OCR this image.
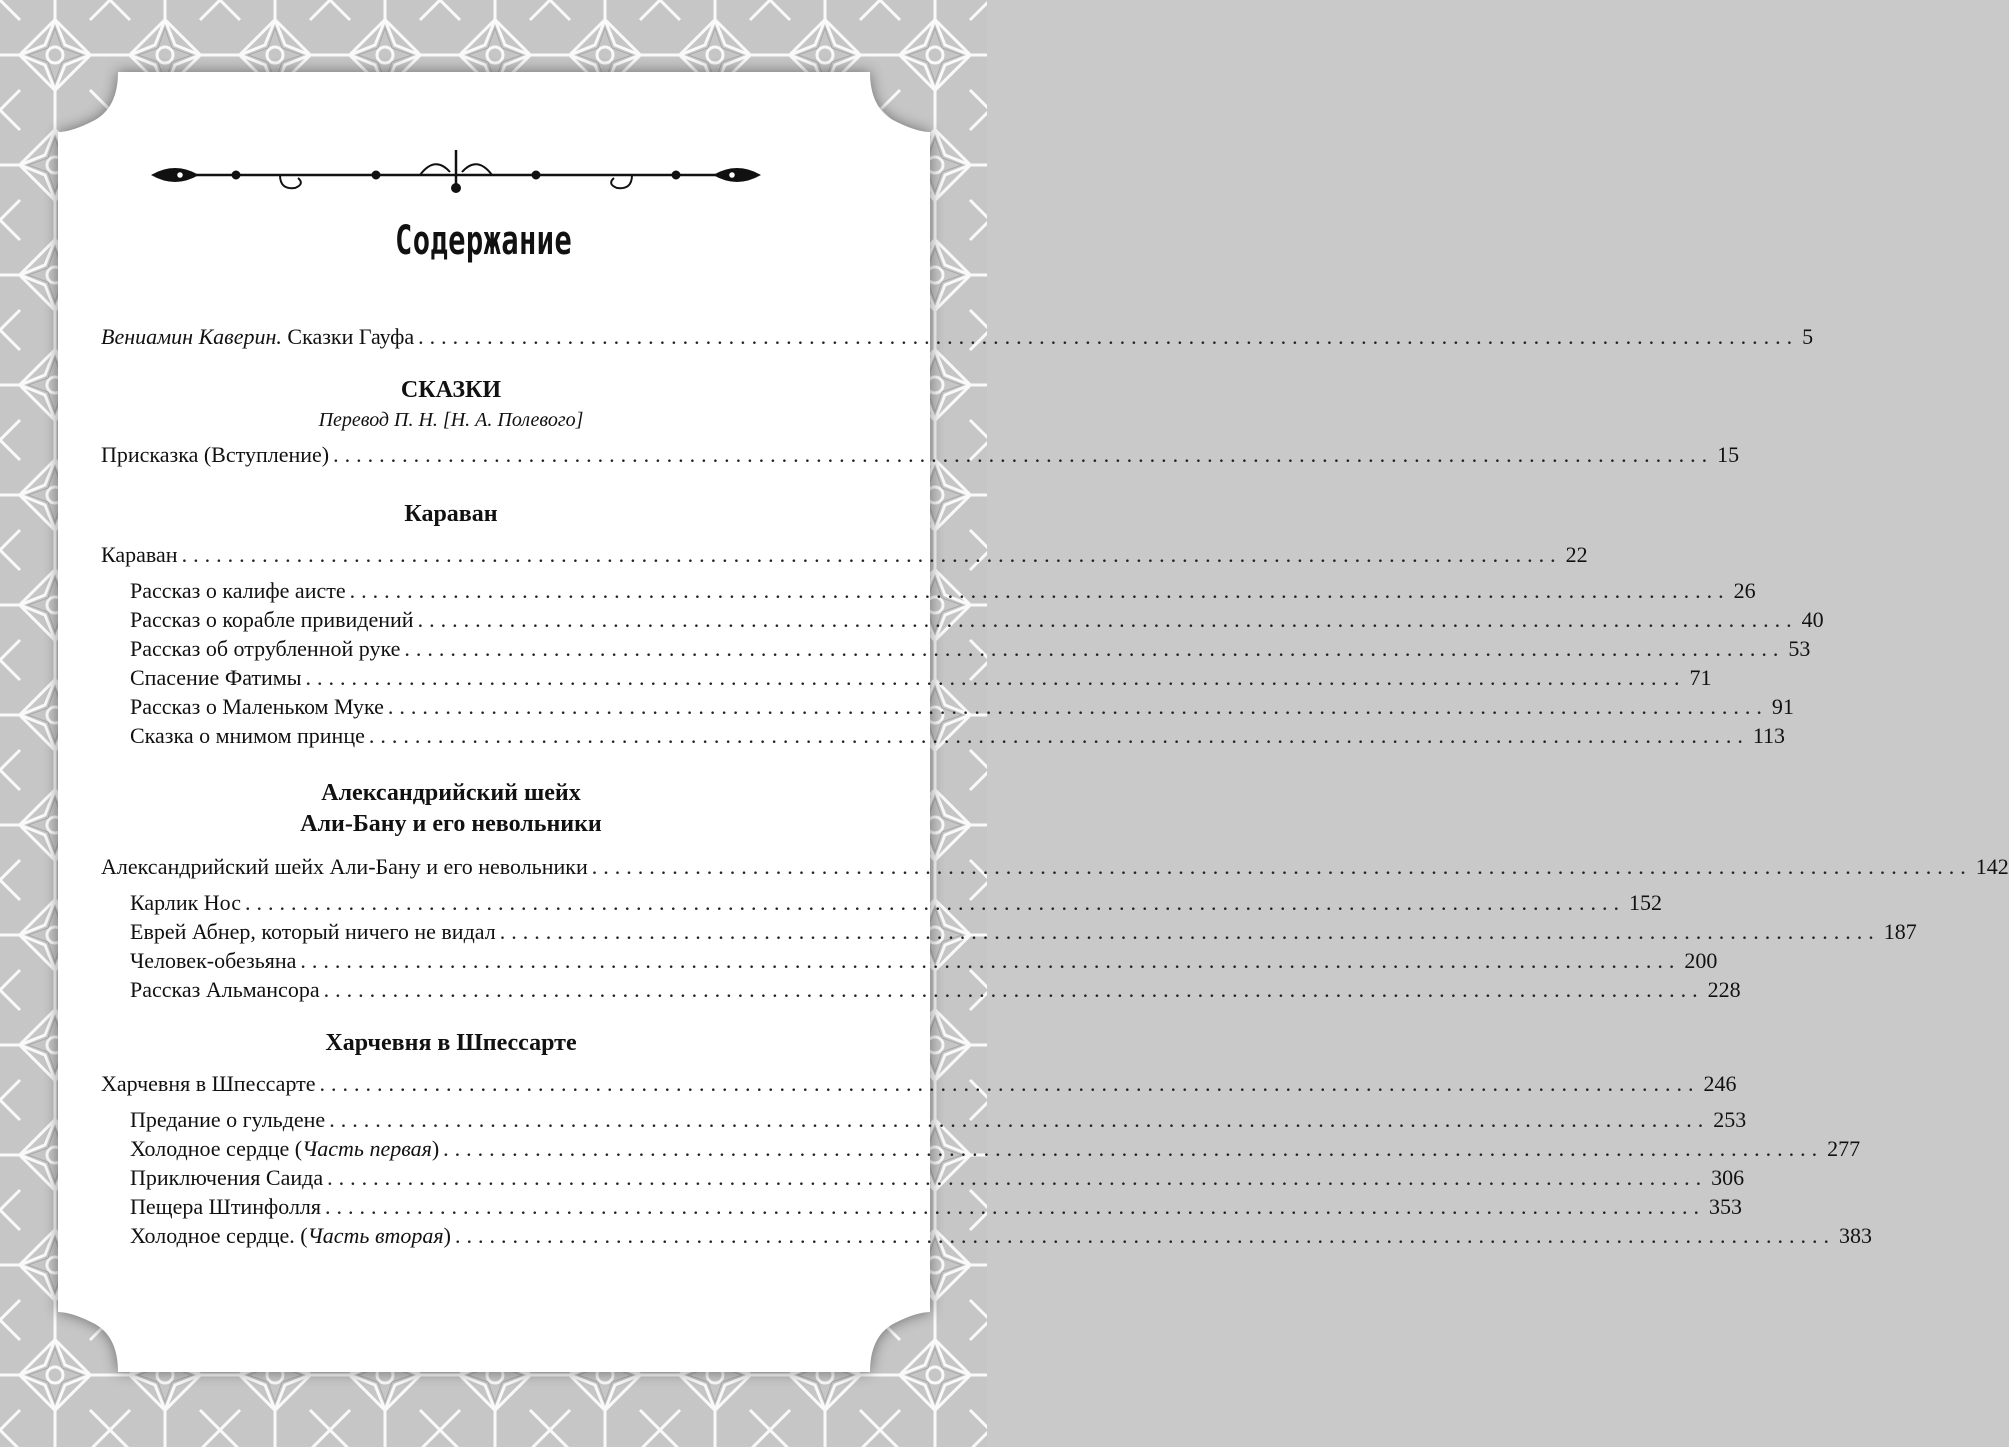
Содержание
Вениамин Каверин. Сказки Гауфа ........................................................................................................................ 5

СКАЗКИ

Перевод П. Н. [Н. А. Полевого]

Присказка (Вступление) ........................................................................................................................ 15

Караван

Караван ........................................................................................................................ 22
Рассказ о калифе аисте ........................................................................................................................ 26
Рассказ о корабле привидений ........................................................................................................................ 40
Рассказ об отрубленной руке ........................................................................................................................ 53
Спасение Фатимы ........................................................................................................................ 71
Рассказ о Маленьком Муке ........................................................................................................................ 91
Сказка о мнимом принце ........................................................................................................................ 113

Александрийский шейх

Али-Бану и его невольники

Александрийский шейх Али-Бану и его невольники ........................................................................................................................ 142
Карлик Нос ........................................................................................................................ 152
Еврей Абнер, который ничего не видал ........................................................................................................................ 187
Человек-обезьяна ........................................................................................................................ 200
Рассказ Альмансора ........................................................................................................................ 228

Харчевня в Шпессарте

Харчевня в Шпессарте ........................................................................................................................ 246
Предание о гульдене ........................................................................................................................ 253
Холодное сердце (Часть первая) ........................................................................................................................ 277
Приключения Саида ........................................................................................................................ 306
Пещера Штинфолля ........................................................................................................................ 353
Холодное сердце. (Часть вторая) ........................................................................................................................ 383
